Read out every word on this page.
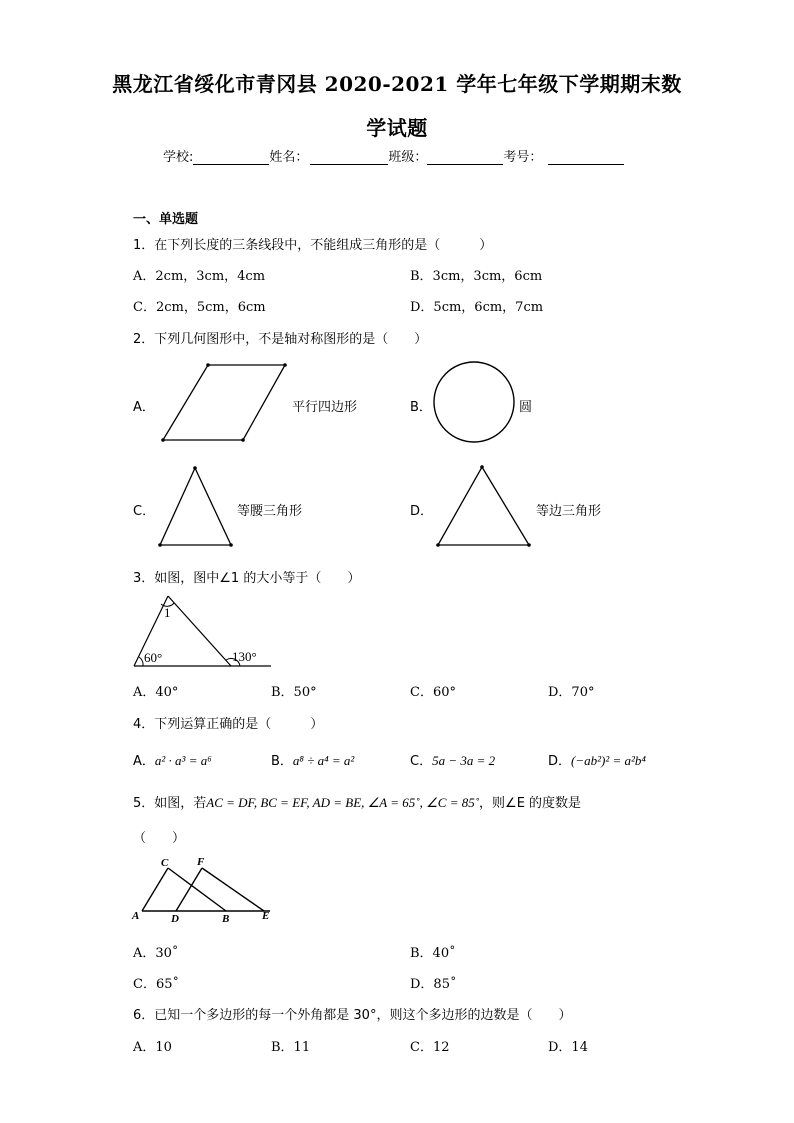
黑龙江省绥化市青冈县 2020-2021 学年七年级下学期期末数
学试题
学校:	姓名：	班级：	考号：
一、单选题
1．在下列长度的三条线段中，不能组成三角形的是（　　　）
A．2cm，3cm，4cm	B．3cm，3cm，6cm
C．2cm，5cm，6cm	D．5cm，6cm，7cm
2．下列几何图形中，不是轴对称图形的是（　　）
A．	平行四边形	B．	圆
C．	等腰三角形	D．	等边三角形
3．如图，图中∠1 的大小等于（　　）
1
60°	130°
A．40°	B．50°	C．60°	D．70°
4．下列运算正确的是（　　　）
A．a² · a³ = a⁶	B．a⁸ ÷ a⁴ = a²	C．5a − 3a = 2	D．(−ab²)² = a²b⁴
5．如图，若AC = DF, BC = EF, AD = BE, ∠A = 65˚, ∠C = 85˚，则∠E 的度数是
（　　）
A
C	F
D	B	E
A．30˚	B．40˚
C．65˚	D．85˚
6．已知一个多边形的每一个外角都是 30°，则这个多边形的边数是（　　）
A．10	B．11	C．12	D．14
